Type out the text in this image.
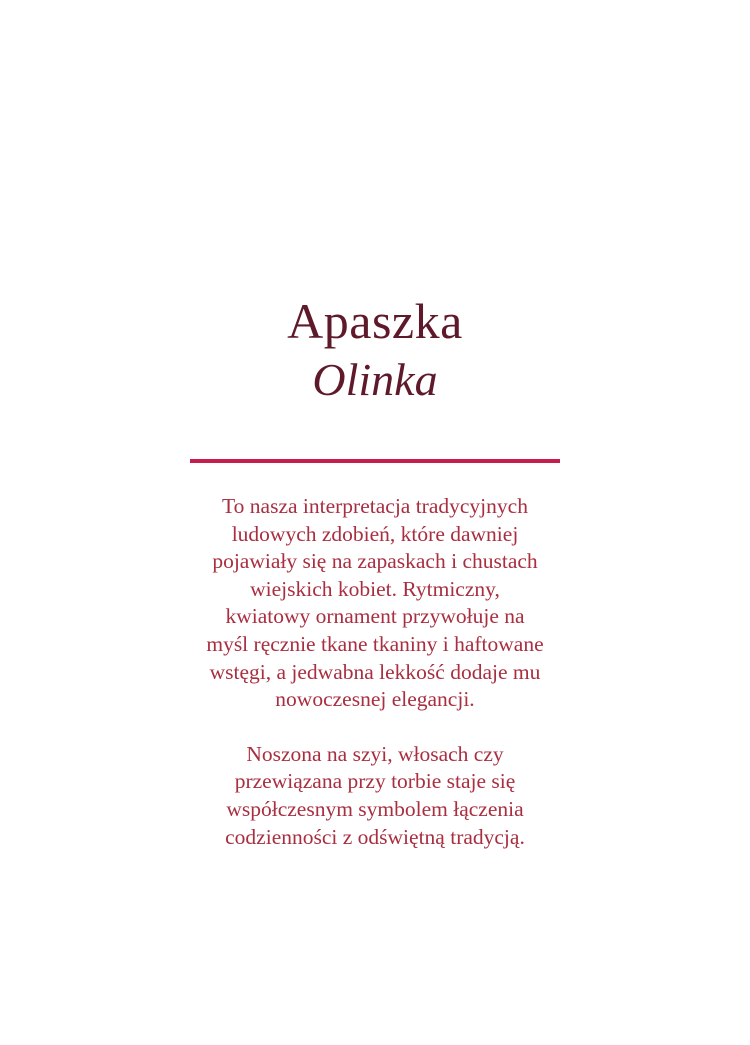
Apaszka
Olinka

To nasza interpretacja tradycyjnych
ludowych zdobień, które dawniej
pojawiały się na zapaskach i chustach
wiejskich kobiet. Rytmiczny,
kwiatowy ornament przywołuje na
myśl ręcznie tkane tkaniny i haftowane
wstęgi, a jedwabna lekkość dodaje mu
nowoczesnej elegancji.

Noszona na szyi, włosach czy
przewiązana przy torbie staje się
współczesnym symbolem łączenia
codzienności z odświętną tradycją.
